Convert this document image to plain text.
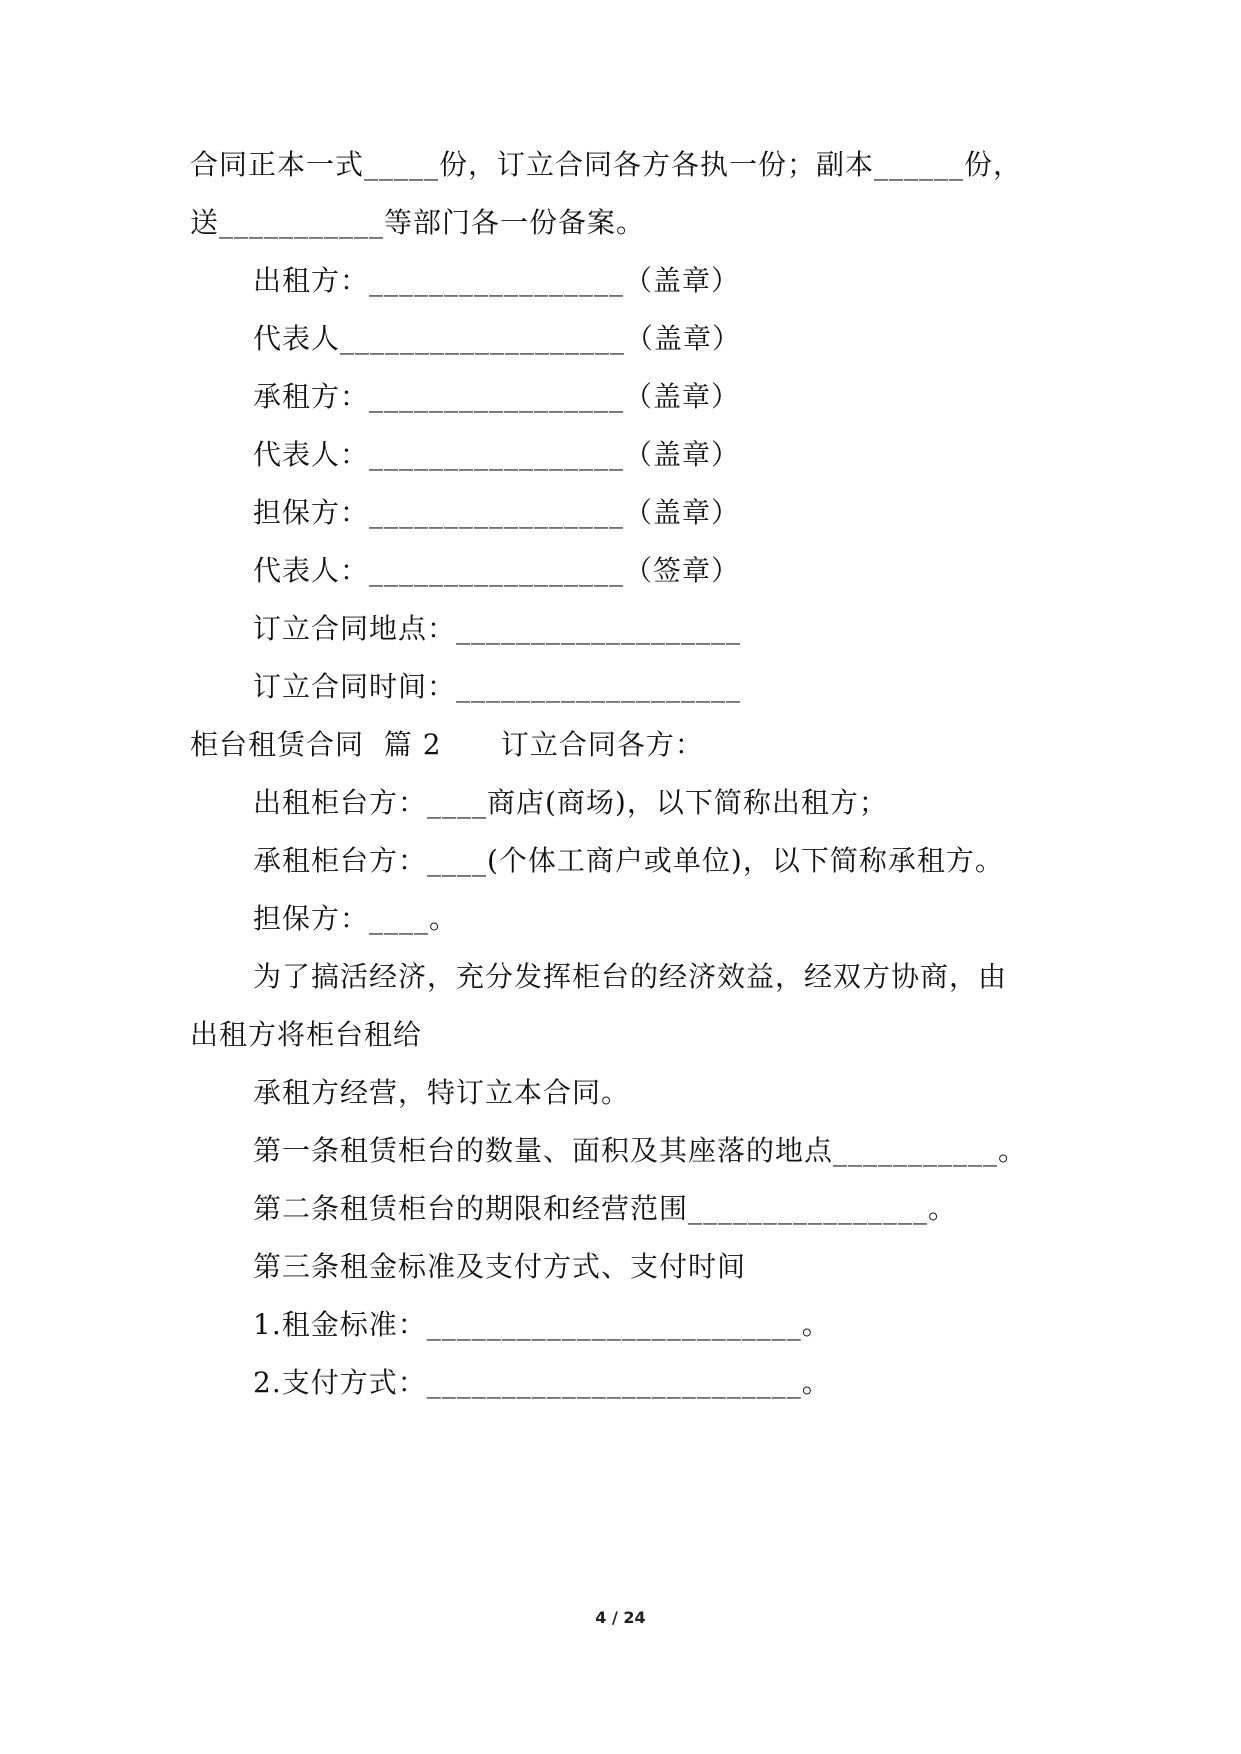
合同正本一式_____份，订立合同各方各执一份；副本______份，
送___________等部门各一份备案。
出租方：_________________（盖章）
代表人___________________（盖章）
承租方：_________________（盖章）
代表人：_________________（盖章）
担保方：_________________（盖章）
代表人：_________________（签章）
订立合同地点：___________________
订立合同时间：___________________
柜台租赁合同  篇 2      订立合同各方：
出租柜台方：____商店(商场)，以下简称出租方；
承租柜台方：____(个体工商户或单位)，以下简称承租方。
担保方：____。
为了搞活经济，充分发挥柜台的经济效益，经双方协商，由
出租方将柜台租给
承租方经营，特订立本合同。
第一条租赁柜台的数量、面积及其座落的地点___________。
第二条租赁柜台的期限和经营范围________________。
第三条租金标准及支付方式、支付时间
1.租金标准：_________________________。
2.支付方式：_________________________。
4 / 24
